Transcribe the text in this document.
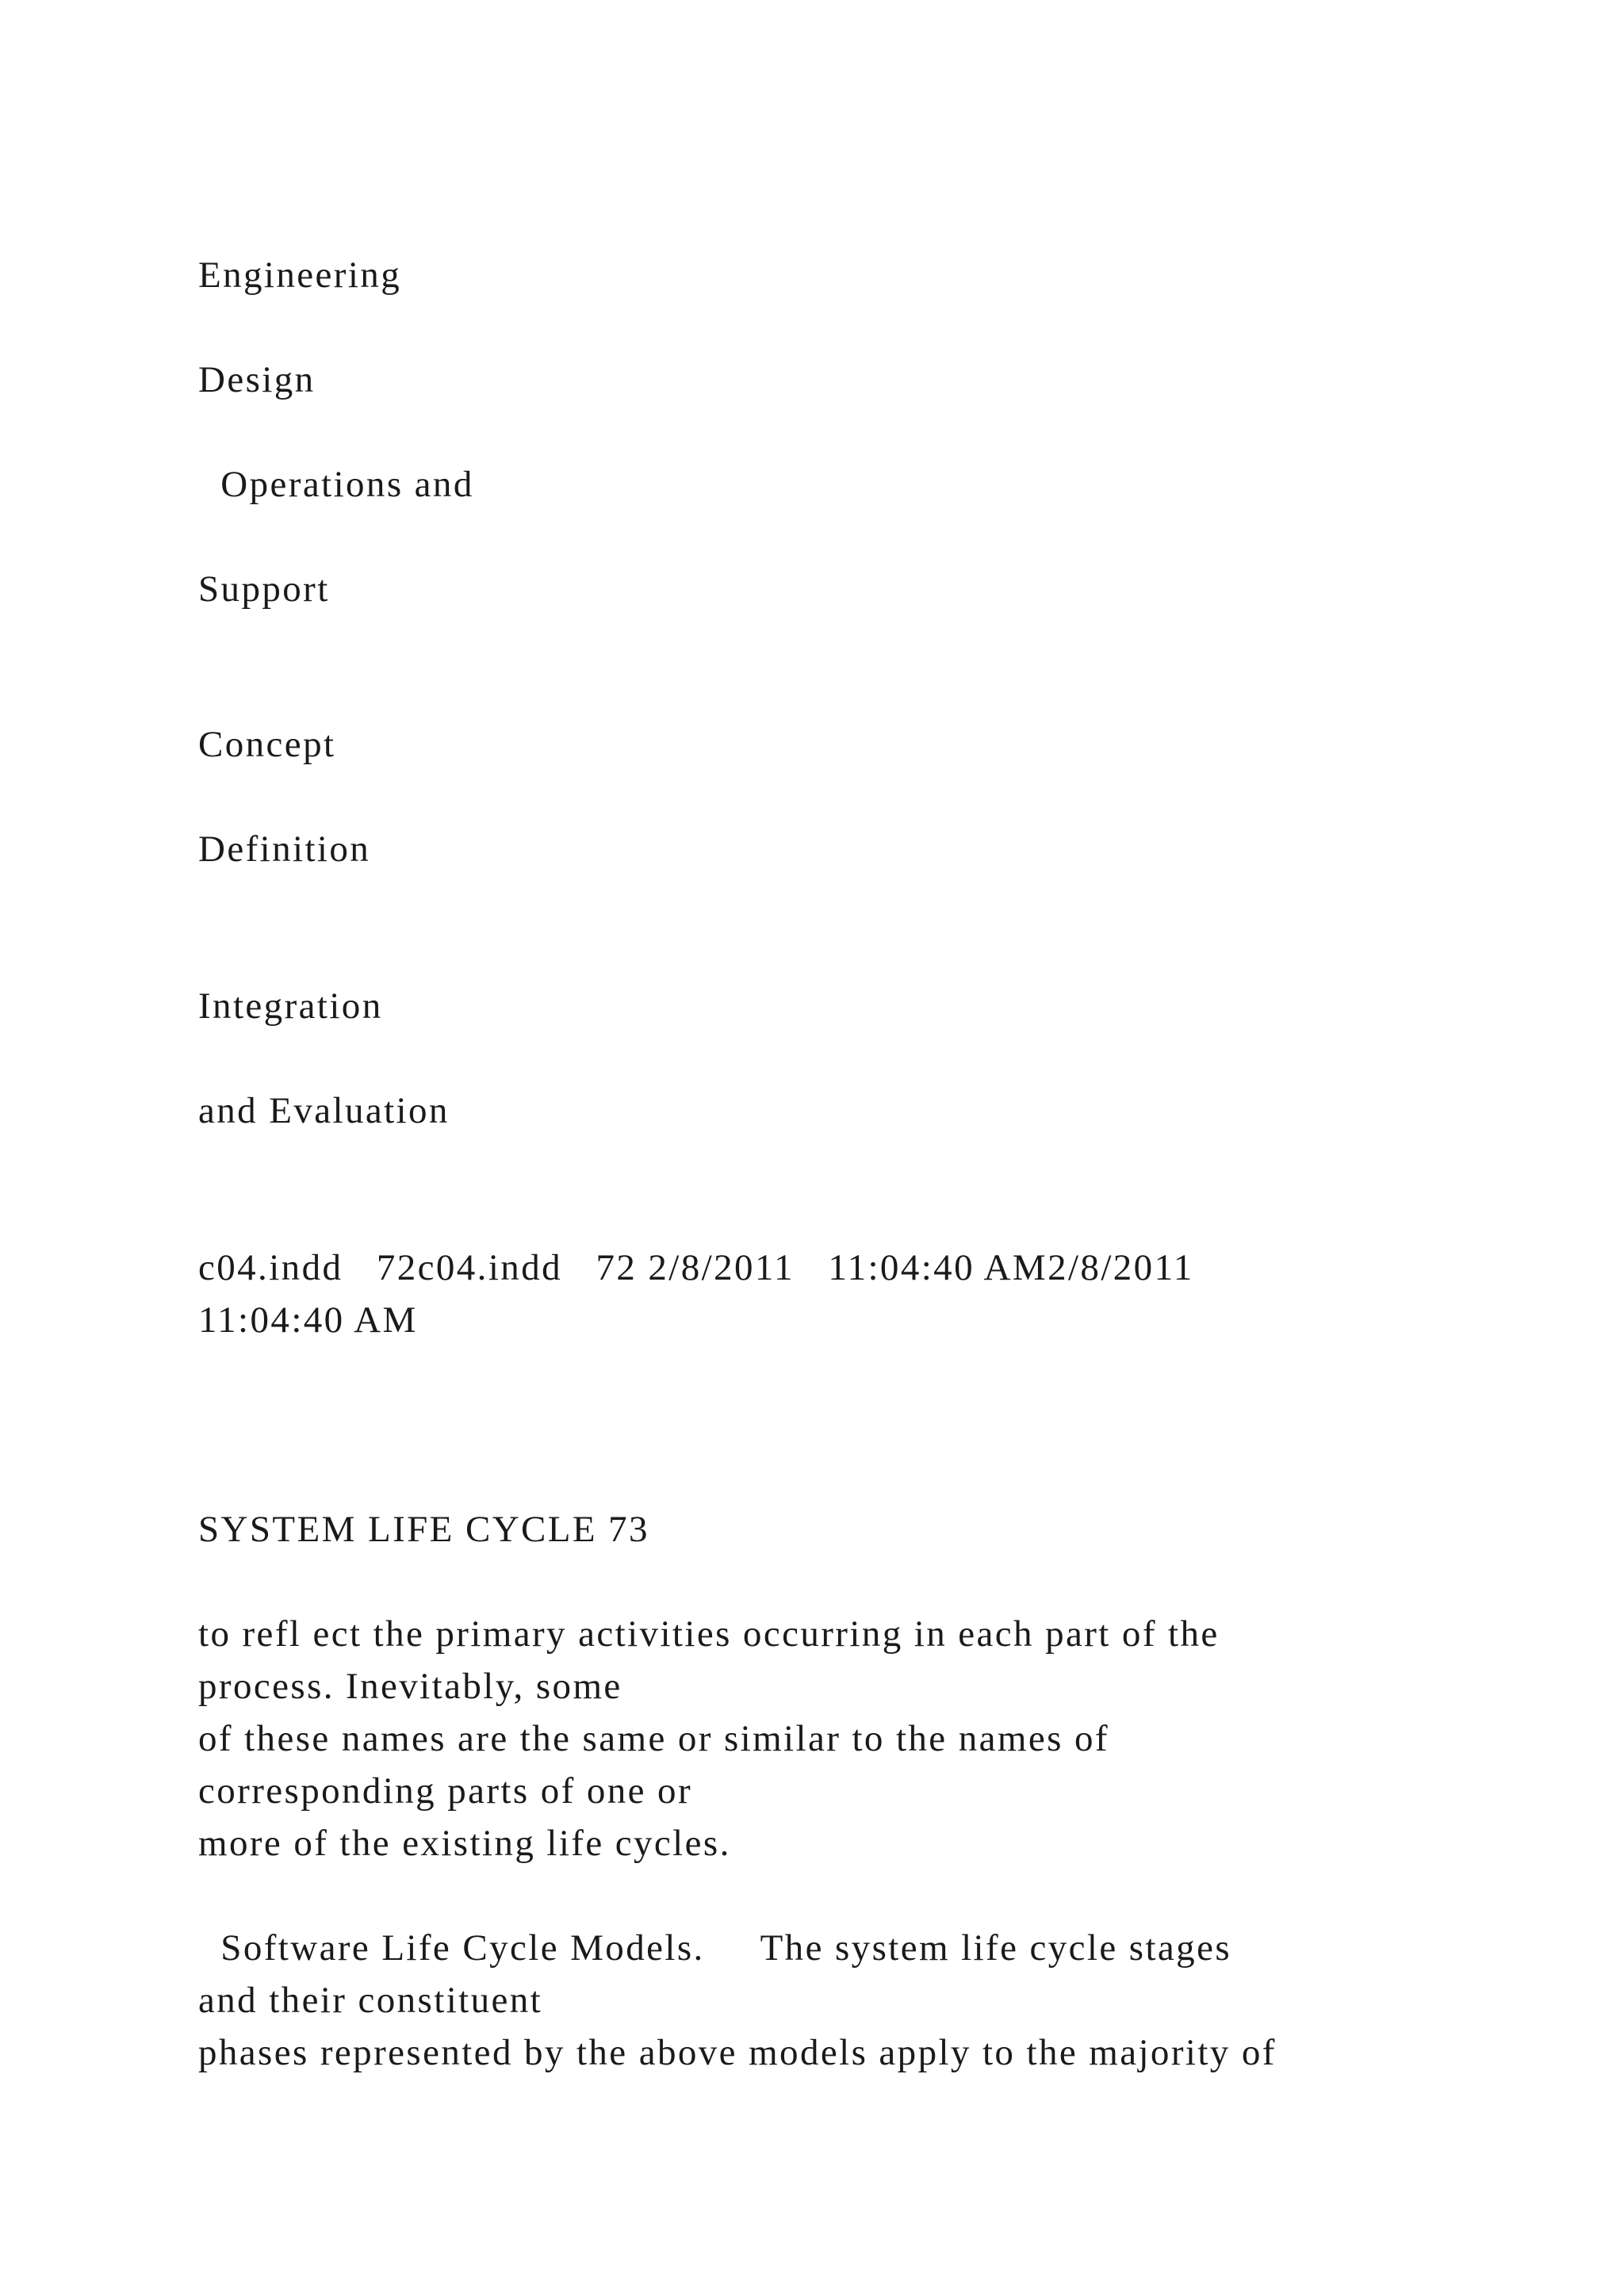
Engineering

Design

Operations and

Support

Concept

Definition

Integration

and Evaluation

c04.indd   72c04.indd   72 2/8/2011   11:04:40 AM2/8/2011

11:04:40 AM

SYSTEM LIFE CYCLE 73

to refl ect the primary activities occurring in each part of the

process. Inevitably, some

of these names are the same or similar to the names of

corresponding parts of one or

more of the existing life cycles.

Software Life Cycle Models.     The system life cycle stages

and their constituent

phases represented by the above models apply to the majority of
